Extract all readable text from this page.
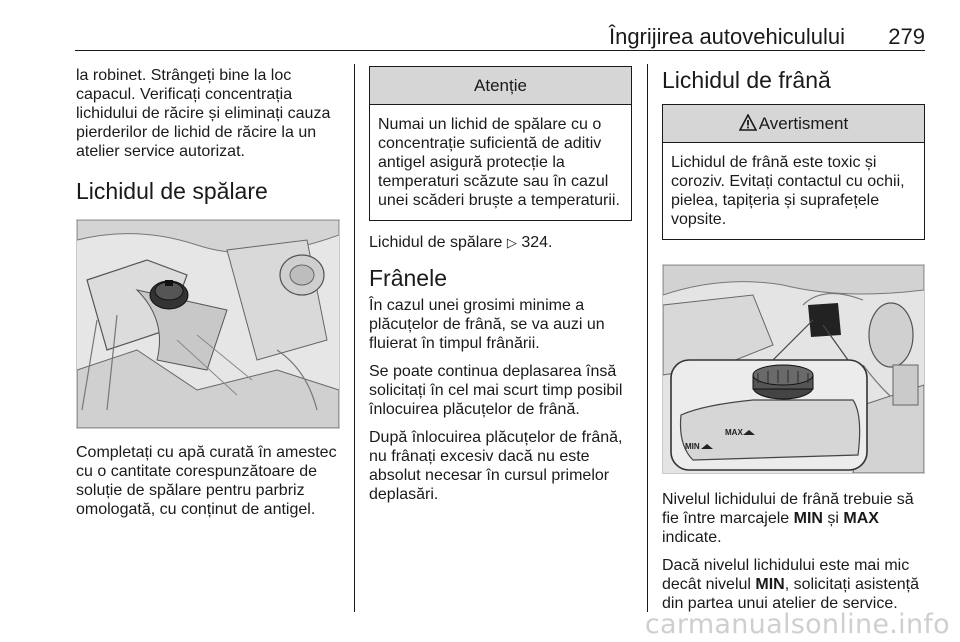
Îngrijirea autovehiculului 279

la robinet. Strângeți bine la loc capacul. Verificați concentrația lichidului de răcire și eliminați cauza pierderilor de lichid de răcire la un atelier service autorizat.

Lichidul de spălare

Completați cu apă curată în amestec cu o cantitate corespunzătoare de soluție de spălare pentru parbriz omologată, cu conținut de antigel.

Atenție
Numai un lichid de spălare cu o concentrație suficientă de aditiv antigel asigură protecție la temperaturi scăzute sau în cazul unei scăderi bruște a temperaturii.

Lichidul de spălare ▷ 324.

Frânele

În cazul unei grosimi minime a plăcuțelor de frână, se va auzi un fluierat în timpul frânării.

Se poate continua deplasarea însă solicitați în cel mai scurt timp posibil înlocuirea plăcuțelor de frână.

După înlocuirea plăcuțelor de frână, nu frânați excesiv dacă nu este absolut necesar în cursul primelor deplasări.

Lichidul de frână
Avertisment
Lichidul de frână este toxic și coroziv. Evitați contactul cu ochii, pielea, tapițeria și suprafețele vopsite.
MAX
MIN

Nivelul lichidului de frână trebuie să fie între marcajele MIN și MAX indicate.

Dacă nivelul lichidului este mai mic decât nivelul MIN, solicitați asistență din partea unui atelier de service.

carmanualsonline.info
